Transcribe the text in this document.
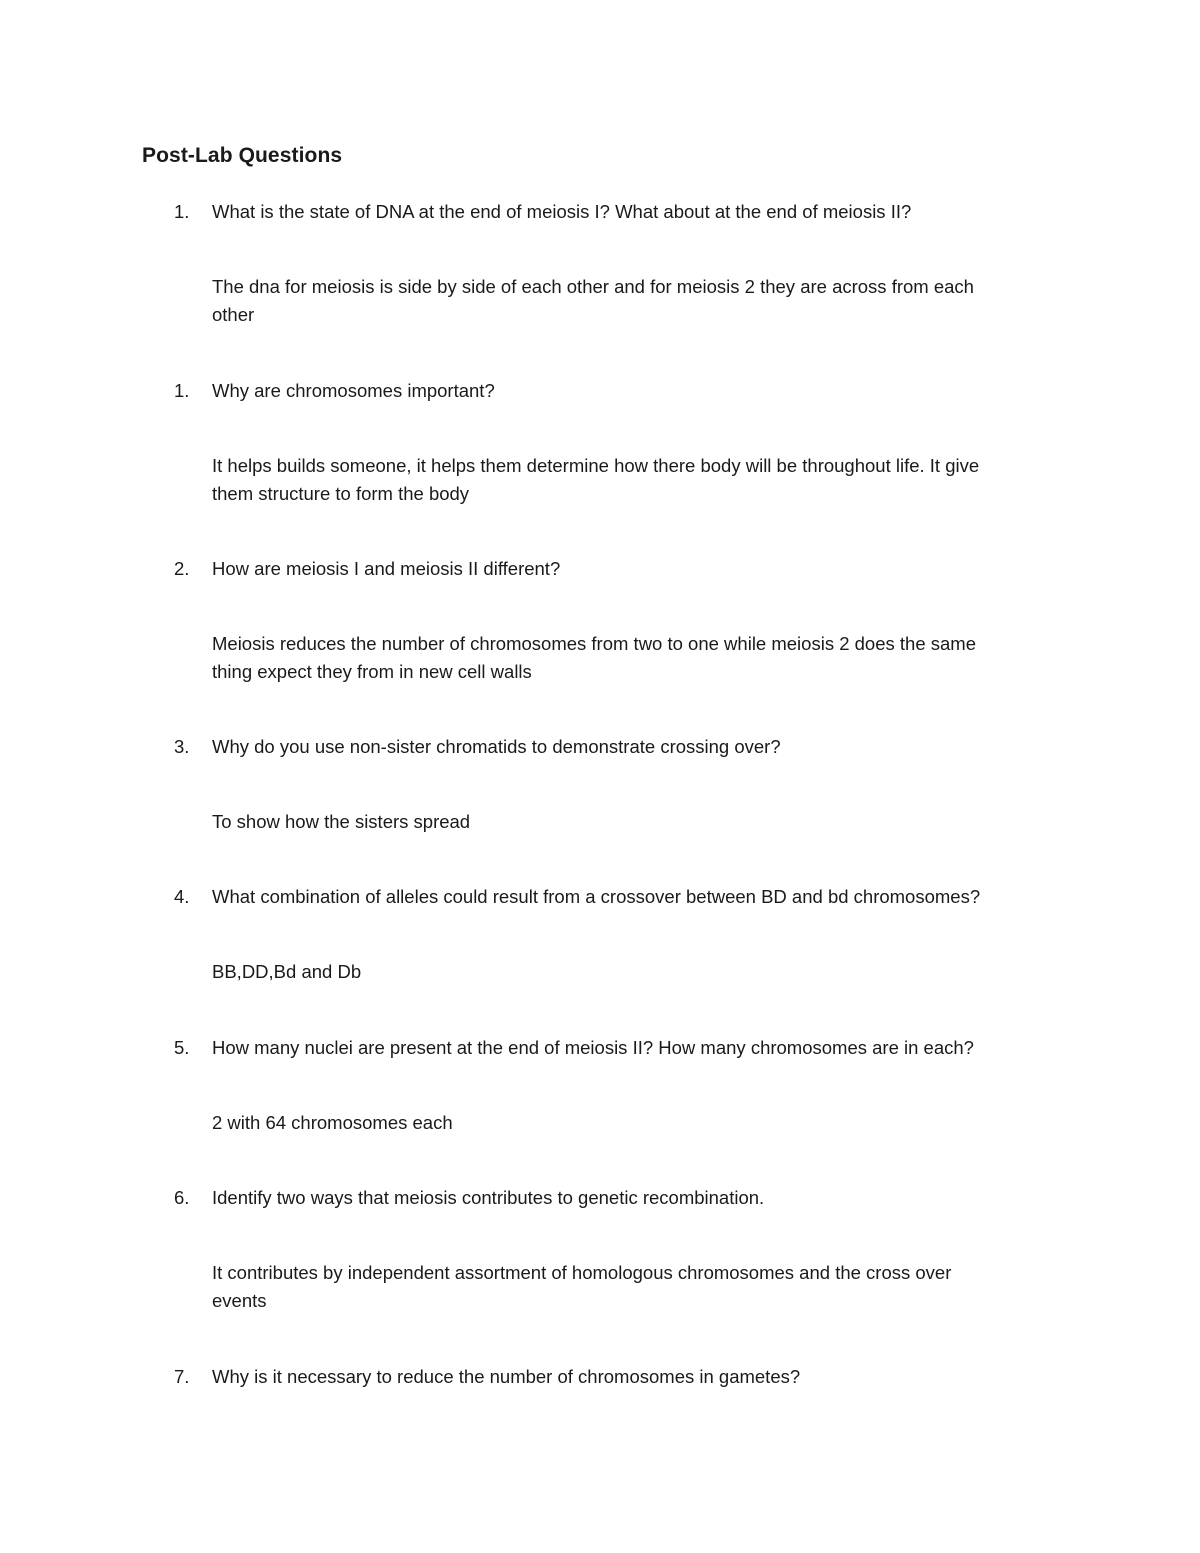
Post-Lab Questions
1. What is the state of DNA at the end of meiosis I? What about at the end of meiosis II?
The dna for meiosis is side by side of each other and for meiosis 2 they are across from each
other
1. Why are chromosomes important?
It helps builds someone, it helps them determine how there body will be throughout life. It give
them structure to form the body
2. How are meiosis I and meiosis II different?
Meiosis reduces the number of chromosomes from two to one while meiosis 2 does the same
thing expect they from in new cell walls
3. Why do you use non-sister chromatids to demonstrate crossing over?
To show how the sisters spread
4. What combination of alleles could result from a crossover between BD and bd chromosomes?
BB,DD,Bd and Db
5. How many nuclei are present at the end of meiosis II? How many chromosomes are in each?
2 with 64 chromosomes each
6. Identify two ways that meiosis contributes to genetic recombination.
It contributes by independent assortment of homologous chromosomes and the cross over
events
7. Why is it necessary to reduce the number of chromosomes in gametes?
